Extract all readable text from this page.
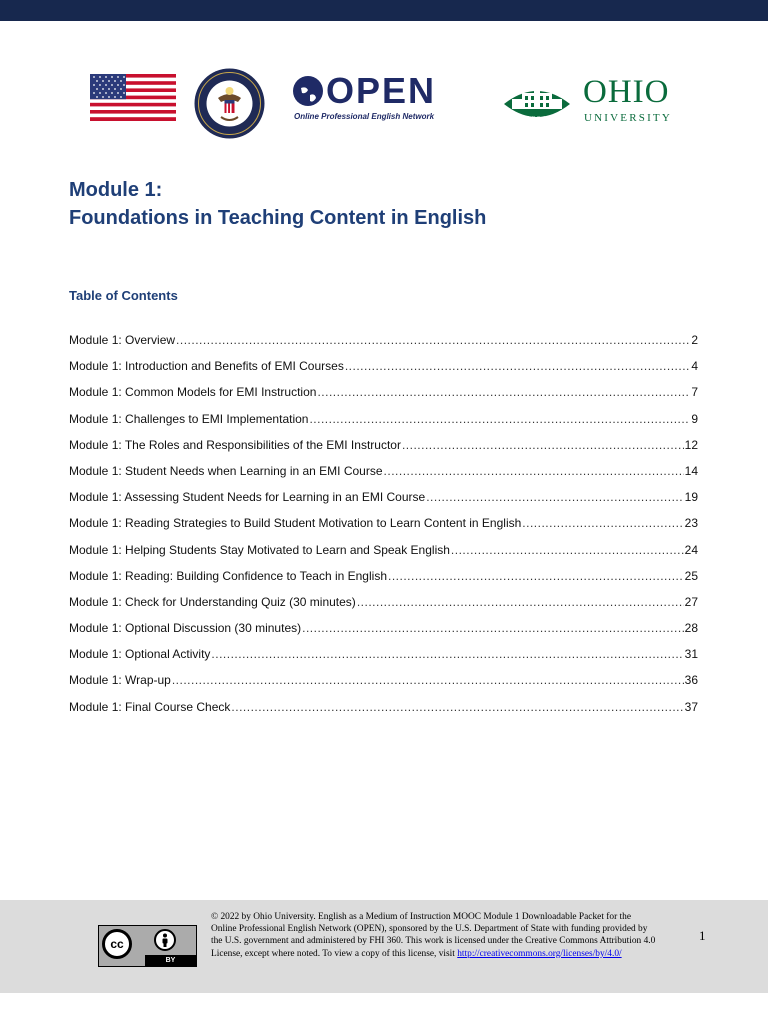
OPEN
Online Professional English Network	1804
OHIO
UNIVERSITY
Module 1:
Foundations in Teaching Content in English
Table of Contents
Module 1: Overview .....	2
Module 1: Introduction and Benefits of EMI Courses .....	4
Module 1: Common Models for EMI Instruction .....	7
Module 1: Challenges to EMI Implementation .....	9
Module 1: The Roles and Responsibilities of the EMI Instructor .....	12
Module 1: Student Needs when Learning in an EMI Course .....	14
Module 1: Assessing Student Needs for Learning in an EMI Course .....	19
Module 1: Reading Strategies to Build Student Motivation to Learn Content in English .....	23
Module 1: Helping Students Stay Motivated to Learn and Speak English .....	24
Module 1: Reading: Building Confidence to Teach in English .....	25
Module 1: Check for Understanding Quiz (30 minutes) .....	27
Module 1: Optional Discussion (30 minutes) .....	28
Module 1: Optional Activity .....	31
Module 1: Wrap-up .....	36
Module 1: Final Course Check .....	37
cc
BY
© 2022 by Ohio University. English as a Medium of Instruction MOOC Module 1 Downloadable Packet for the Online Professional English Network (OPEN), sponsored by the U.S. Department of State with funding provided by the U.S. government and administered by FHI 360. This work is licensed under the Creative Commons Attribution 4.0 License, except where noted. To view a copy of this license, visit http://creativecommons.org/licenses/by/4.0/
1
